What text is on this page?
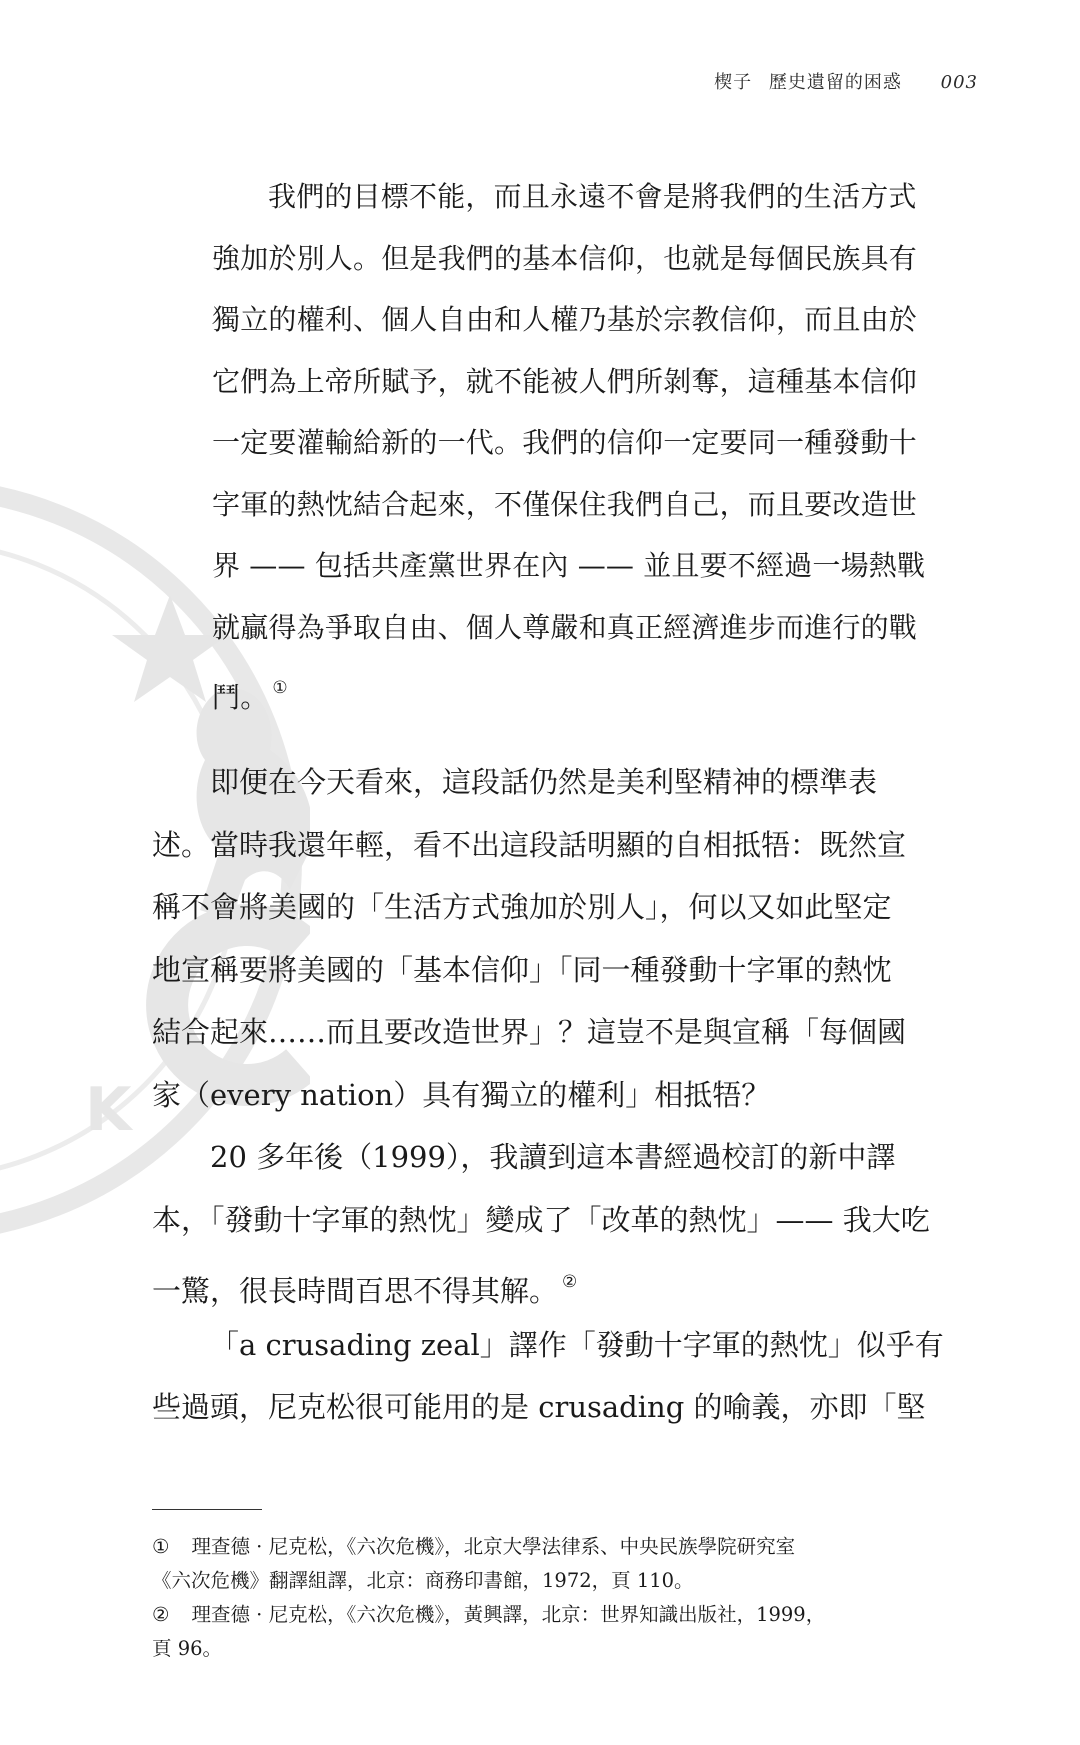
K
楔子 歷史遺留的困惑 003
我們的目標不能，而且永遠不會是將我們的生活方式
強加於別人。但是我們的基本信仰，也就是每個民族具有
獨立的權利、個人自由和人權乃基於宗教信仰，而且由於
它們為上帝所賦予，就不能被人們所剝奪，這種基本信仰
一定要灌輸給新的一代。我們的信仰一定要同一種發動十
字軍的熱忱結合起來，不僅保住我們自己，而且要改造世
界 —— 包括共產黨世界在內 —— 並且要不經過一場熱戰
就贏得為爭取自由、個人尊嚴和真正經濟進步而進行的戰
鬥。 ①
即便在今天看來，這段話仍然是美利堅精神的標準表
述。當時我還年輕，看不出這段話明顯的自相抵牾：既然宣
稱不會將美國的「生活方式強加於別人」，何以又如此堅定
地宣稱要將美國的「基本信仰」「同一種發動十字軍的熱忱
結合起來……而且要改造世界」？這豈不是與宣稱「每個國
家（every nation）具有獨立的權利」相抵牾？
20 多年後（1999），我讀到這本書經過校訂的新中譯
本，「發動十字軍的熱忱」變成了「改革的熱忱」—— 我大吃
一驚，很長時間百思不得其解。 ②
「a crusading zeal」譯作「發動十字軍的熱忱」似乎有
些過頭，尼克松很可能用的是 crusading 的喻義，亦即「堅
① 理查德 · 尼克松，《六次危機》，北京大學法律系、中央民族學院研究室
《六次危機》翻譯組譯，北京：商務印書館，1972，頁 110。
② 理查德 · 尼克松，《六次危機》，黃興譯，北京：世界知識出版社，1999，
頁 96。
